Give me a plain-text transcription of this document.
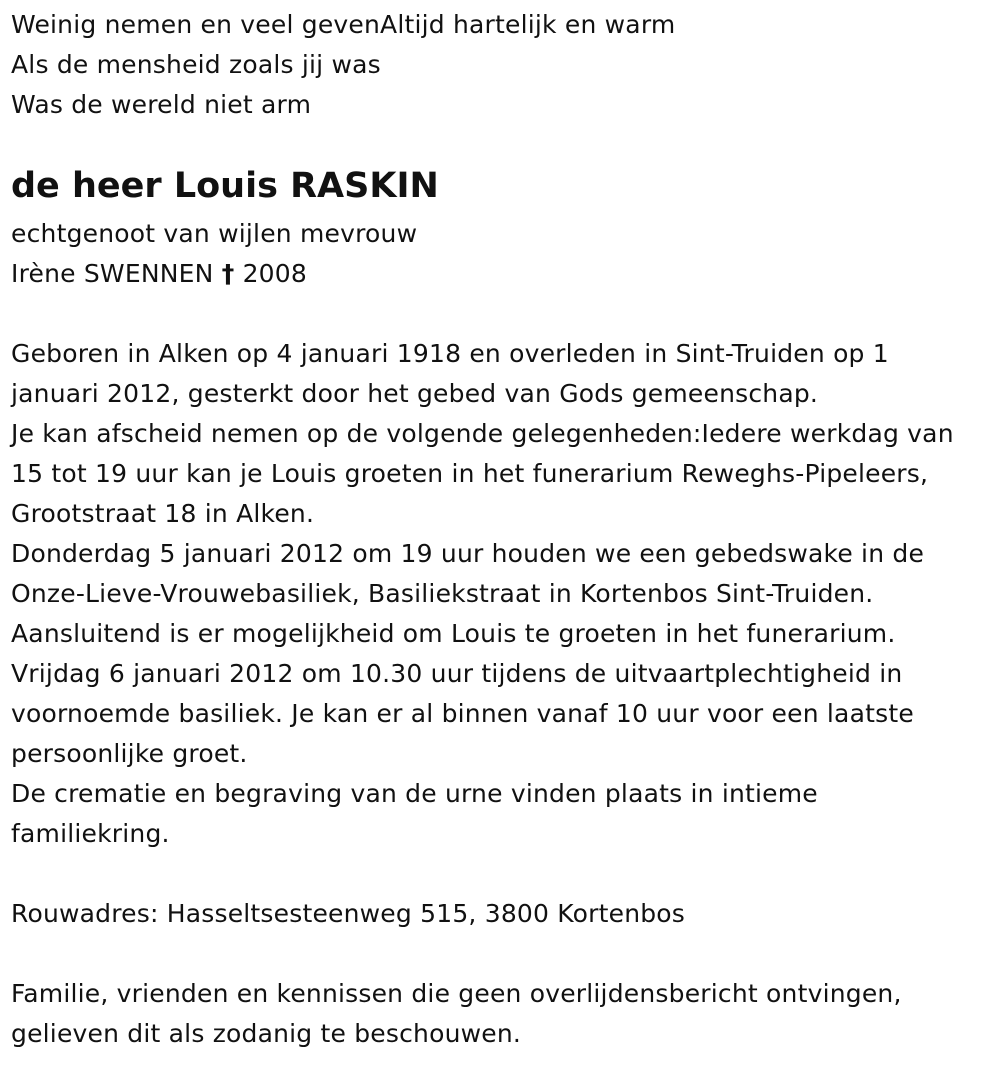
Weinig nemen en veel gevenAltijd hartelijk en warm
Als de mensheid zoals jij was
Was de wereld niet arm
de heer Louis RASKIN
echtgenoot van wijlen mevrouw
Irène SWENNEN † 2008
Geboren in Alken op 4 januari 1918 en overleden in Sint-Truiden op 1
januari 2012, gesterkt door het gebed van Gods gemeenschap.
Je kan afscheid nemen op de volgende gelegenheden:Iedere werkdag van
15 tot 19 uur kan je Louis groeten in het funerarium Reweghs-Pipeleers,
Grootstraat 18 in Alken.
Donderdag 5 januari 2012 om 19 uur houden we een gebedswake in de
Onze-Lieve-Vrouwebasiliek, Basiliekstraat in Kortenbos Sint-Truiden.
Aansluitend is er mogelijkheid om Louis te groeten in het funerarium.
Vrijdag 6 januari 2012 om 10.30 uur tijdens de uitvaartplechtigheid in
voornoemde basiliek. Je kan er al binnen vanaf 10 uur voor een laatste
persoonlijke groet.
De crematie en begraving van de urne vinden plaats in intieme
familiekring.
Rouwadres: Hasseltsesteenweg 515, 3800 Kortenbos
Familie, vrienden en kennissen die geen overlijdensbericht ontvingen,
gelieven dit als zodanig te beschouwen.
